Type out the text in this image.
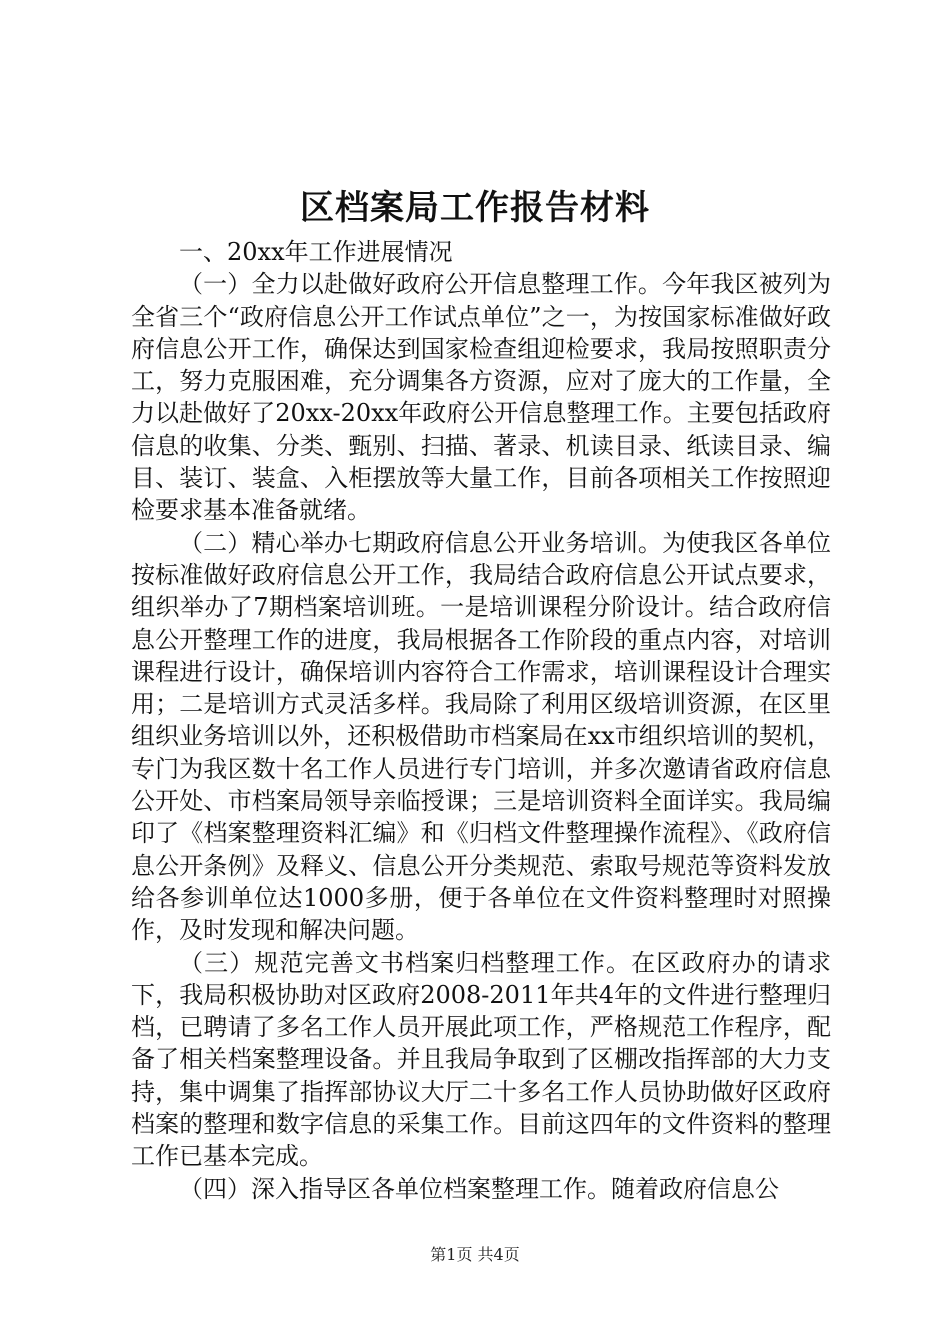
区档案局工作报告材料

一、20xx年工作进展情况

（一）全力以赴做好政府公开信息整理工作。今年我区被列为全省三个“政府信息公开工作试点单位”之一，为按国家标准做好政府信息公开工作，确保达到国家检查组迎检要求，我局按照职责分工，努力克服困难，充分调集各方资源，应对了庞大的工作量，全力以赴做好了20xx-20xx年政府公开信息整理工作。主要包括政府信息的收集、分类、甄别、扫描、著录、机读目录、纸读目录、编目、装订、装盒、入柜摆放等大量工作，目前各项相关工作按照迎检要求基本准备就绪。

（二）精心举办七期政府信息公开业务培训。为使我区各单位按标准做好政府信息公开工作，我局结合政府信息公开试点要求，组织举办了7期档案培训班。一是培训课程分阶设计。结合政府信息公开整理工作的进度，我局根据各工作阶段的重点内容，对培训课程进行设计，确保培训内容符合工作需求，培训课程设计合理实用；二是培训方式灵活多样。我局除了利用区级培训资源，在区里组织业务培训以外，还积极借助市档案局在xx市组织培训的契机，专门为我区数十名工作人员进行专门培训，并多次邀请省政府信息公开处、市档案局领导亲临授课；三是培训资料全面详实。我局编印了《档案整理资料汇编》和《归档文件整理操作流程》、《政府信息公开条例》及释义、信息公开分类规范、索取号规范等资料发放给各参训单位达1000多册，便于各单位在文件资料整理时对照操作，及时发现和解决问题。

（三）规范完善文书档案归档整理工作。在区政府办的请求下，我局积极协助对区政府2008-2011年共4年的文件进行整理归档，已聘请了多名工作人员开展此项工作，严格规范工作程序，配备了相关档案整理设备。并且我局争取到了区棚改指挥部的大力支持，集中调集了指挥部协议大厅二十多名工作人员协助做好区政府档案的整理和数字信息的采集工作。目前这四年的文件资料的整理工作已基本完成。

（四）深入指导区各单位档案整理工作。随着政府信息公

第1页 共4页
